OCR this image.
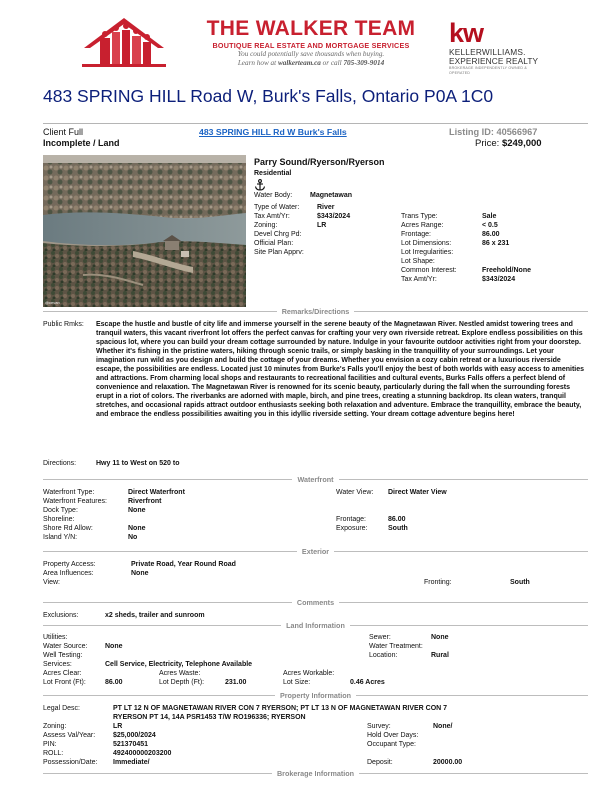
THE WALKER TEAM
BOUTIQUE REAL ESTATE AND MORTGAGE SERVICES
You could potentially save thousands when buying.
Learn how at walkerteam.ca or call 705-309-9014
kw
KELLERWILLIAMS.
EXPERIENCE REALTY
BROKERAGE INDEPENDENTLY OWNED & OPERATED
483 SPRING HILL Road W, Burk's Falls, Ontario P0A 1C0
Client Full
Incomplete / Land
483 SPRING HILL Rd W Burk's Falls	Listing ID: 40566967
Price: $249,000
@cevan
Parry Sound/Ryerson/Ryerson
Residential
Water Body:	Magnetawan
Type of Water:	River
Tax Amt/Yr:	$343/2024
Zoning:	LR
Devel Chrg Pd:
Official Plan:
Site Plan Apprv:
Trans Type:	Sale
Acres Range:	< 0.5
Frontage:	86.00
Lot Dimensions:	86 x 231
Lot Irregularities:
Lot Shape:
Common Interest:	Freehold/None
Tax Amt/Yr:	$343/2024
Remarks/Directions
Public Rmks: Escape the hustle and bustle of city life and immerse yourself in the serene beauty of the Magnetawan River. Nestled amidst towering trees and tranquil waters, this vacant riverfront lot offers the perfect canvas for crafting your very own riverside retreat. Explore endless possibilities on this spacious lot, where you can build your dream cottage surrounded by nature. Indulge in your favourite outdoor activities right from your doorstep. Whether it's fishing in the pristine waters, hiking through scenic trails, or simply basking in the tranquillity of your surroundings. Let your imagination run wild as you design and build the cottage of your dreams. Whether you envision a cozy cabin retreat or a luxurious riverside escape, the possibilities are endless. Located just 10 minutes from Burke's Falls you'll enjoy the best of both worlds with easy access to amenities and attractions. From charming local shops and restaurants to recreational facilities and cultural events, Burks Falls offers a perfect blend of convenience and relaxation. The Magnetawan River is renowned for its scenic beauty, particularly during the fall when the surrounding forests erupt in a riot of colors. The riverbanks are adorned with maple, birch, and pine trees, creating a stunning backdrop. Its clean waters, tranquil stretches, and occasional rapids attract outdoor enthusiasts seeking both relaxation and adventure. Embrace the tranquillity, embrace the beauty, and embrace the endless possibilities awaiting you in this idyllic riverside setting. Your dream cottage adventure begins here!
Directions:	Hwy 11 to West on 520 to
Waterfront
Waterfront Type:	Direct Waterfront
Waterfront Features:	Riverfront
Dock Type:	None
Shoreline:
Shore Rd Allow:	None
Island Y/N:	No
Water View: Direct Water View
Frontage:	86.00
Exposure:	South
Exterior
Property Access:	Private Road, Year Round Road
Area Influences:	None
View:	Fronting:	South
Comments
Exclusions:	x2 sheds, trailer and sunroom
Land Information
Utilities:
Water Source:	None
Well Testing:
Services:	Cell Service, Electricity, Telephone Available
Acres Clear:	Acres Waste:	Acres Workable:
Lot Front (Ft):	86.00	Lot Depth (Ft):	231.00	Lot Size:	0.46 Acres
Sewer:	None
Water Treatment:
Location:	Rural
Property Information
Legal Desc:	PT LT 12 N OF MAGNETAWAN RIVER CON 7 RYERSON; PT LT 13 N OF MAGNETAWAN RIVER CON 7
RYERSON PT 14, 14A PSR1453 T/W RO196336; RYERSON
Zoning:	LR
Assess Val/Year:	$25,000/2024
PIN:	521370451
ROLL:	492400000203200
Possession/Date: Immediate/
Survey:	None/
Hold Over Days:
Occupant Type:
Deposit:	20000.00
Brokerage Information
